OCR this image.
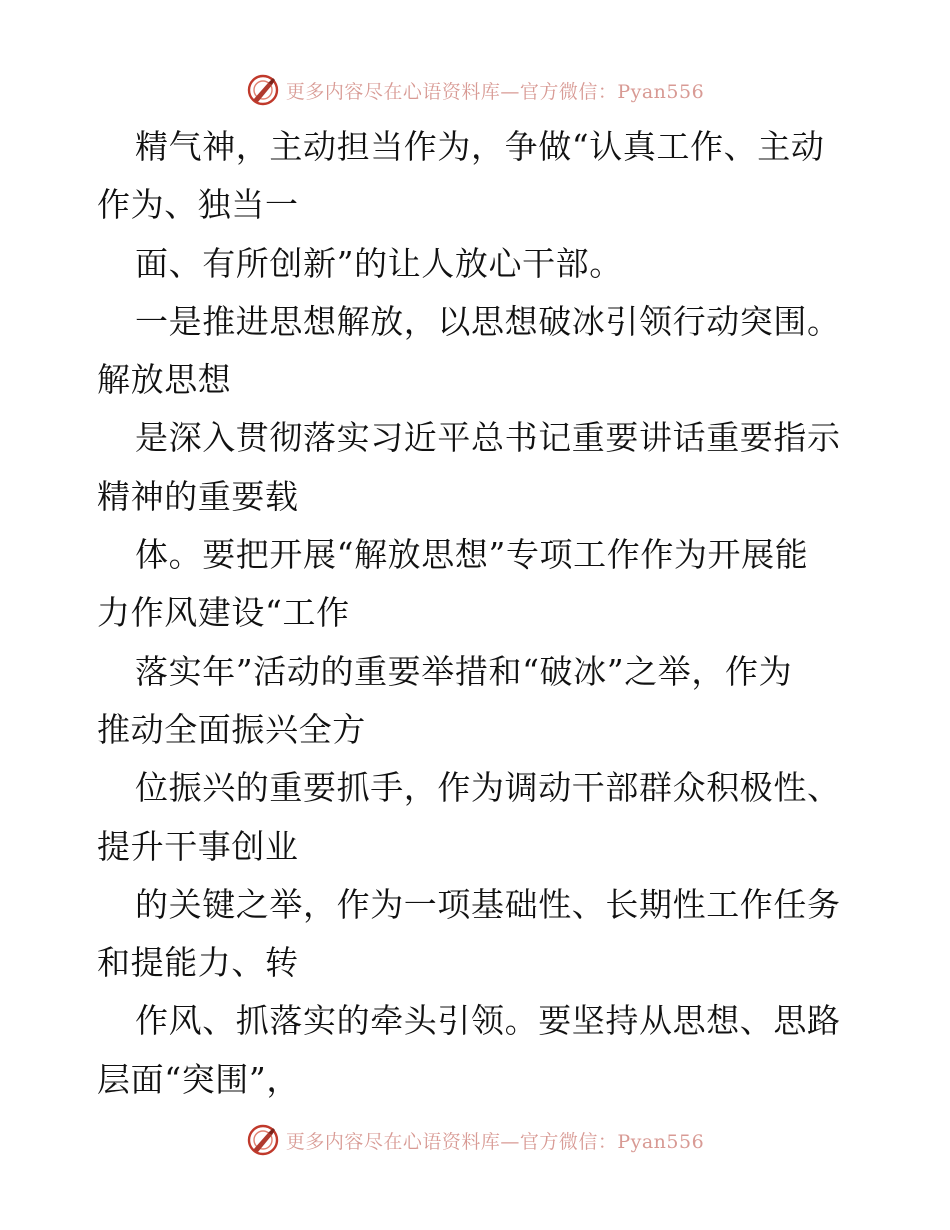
更多内容尽在心语资料库—官方微信：Pyan556
精气神，主动担当作为，争做“认真工作、主动
作为、独当一
面、有所创新”的让人放心干部。
一是推进思想解放，以思想破冰引领行动突围。
解放思想
是深入贯彻落实习近平总书记重要讲话重要指示
精神的重要载
体。要把开展“解放思想”专项工作作为开展能
力作风建设“工作
落实年”活动的重要举措和“破冰”之举，作为
推动全面振兴全方
位振兴的重要抓手，作为调动干部群众积极性、
提升干事创业
的关键之举，作为一项基础性、长期性工作任务
和提能力、转
作风、抓落实的牵头引领。要坚持从思想、思路
层面“突围”，
更多内容尽在心语资料库—官方微信：Pyan556
